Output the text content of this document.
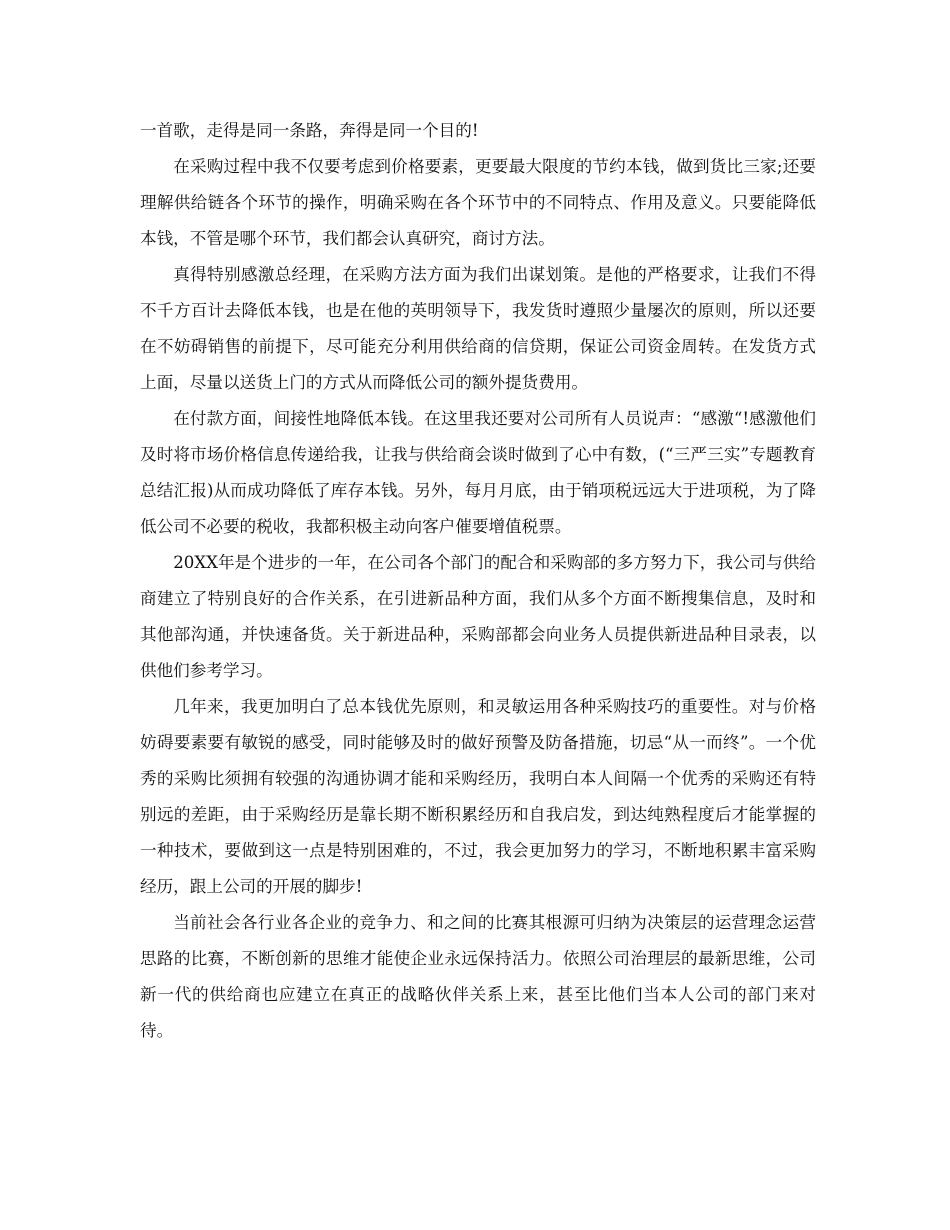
一首歌，走得是同一条路，奔得是同一个目的!

在采购过程中我不仅要考虑到价格要素，更要最大限度的节约本钱，做到货比三家;还要理解供给链各个环节的操作，明确采购在各个环节中的不同特点、作用及意义。只要能降低本钱，不管是哪个环节，我们都会认真研究，商讨方法。

真得特别感激总经理，在采购方法方面为我们出谋划策。是他的严格要求，让我们不得不千方百计去降低本钱，也是在他的英明领导下，我发货时遵照少量屡次的原则，所以还要在不妨碍销售的前提下，尽可能充分利用供给商的信贷期，保证公司资金周转。在发货方式上面，尽量以送货上门的方式从而降低公司的额外提货费用。

在付款方面，间接性地降低本钱。在这里我还要对公司所有人员说声：“感激“!感激他们及时将市场价格信息传递给我，让我与供给商会谈时做到了心中有数，(“三严三实”专题教育总结汇报)从而成功降低了库存本钱。另外，每月月底，由于销项税远远大于进项税，为了降低公司不必要的税收，我都积极主动向客户催要增值税票。

20XX年是个进步的一年，在公司各个部门的配合和采购部的多方努力下，我公司与供给商建立了特别良好的合作关系，在引进新品种方面，我们从多个方面不断搜集信息，及时和其他部沟通，并快速备货。关于新进品种，采购部都会向业务人员提供新进品种目录表，以供他们参考学习。

几年来，我更加明白了总本钱优先原则，和灵敏运用各种采购技巧的重要性。对与价格妨碍要素要有敏锐的感受，同时能够及时的做好预警及防备措施，切忌“从一而终”。一个优秀的采购比须拥有较强的沟通协调才能和采购经历，我明白本人间隔一个优秀的采购还有特别远的差距，由于采购经历是靠长期不断积累经历和自我启发，到达纯熟程度后才能掌握的一种技术，要做到这一点是特别困难的，不过，我会更加努力的学习，不断地积累丰富采购经历，跟上公司的开展的脚步!

当前社会各行业各企业的竞争力、和之间的比赛其根源可归纳为决策层的运营理念运营思路的比赛，不断创新的思维才能使企业永远保持活力。依照公司治理层的最新思维，公司新一代的供给商也应建立在真正的战略伙伴关系上来，甚至比他们当本人公司的部门来对待。
